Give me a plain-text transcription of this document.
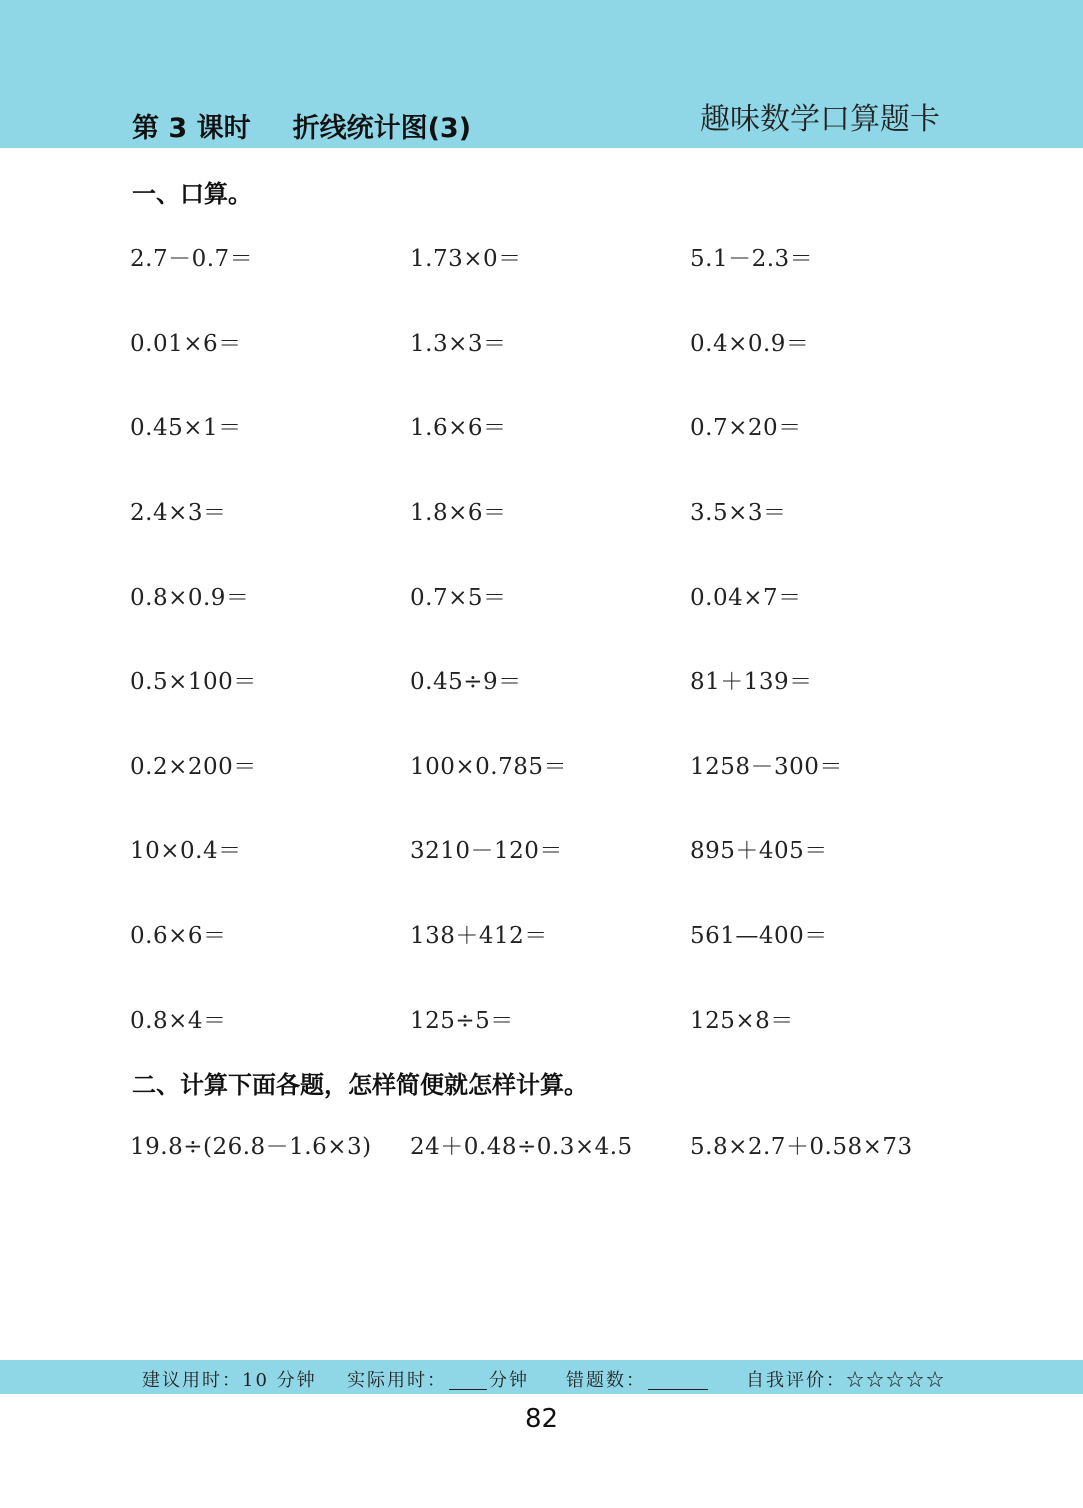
第 3 课时 折线统计图(3)	趣味数学口算题卡
一、口算。
2.7－0.7＝	1.73×0＝	5.1－2.3＝
0.01×6＝	1.3×3＝	0.4×0.9＝
0.45×1＝	1.6×6＝	0.7×20＝
2.4×3＝	1.8×6＝	3.5×3＝
0.8×0.9＝	0.7×5＝	0.04×7＝
0.5×100＝	0.45÷9＝	81＋139＝
0.2×200＝	100×0.785＝	1258－300＝
10×0.4＝	3210－120＝	895＋405＝
0.6×6＝	138＋412＝	561—400＝
0.8×4＝	125÷5＝	125×8＝
二、计算下面各题，怎样简便就怎样计算。
19.8÷(26.8－1.6×3) 24＋0.48÷0.3×4.5 5.8×2.7＋0.58×73
建议用时：10 分钟 实际用时： 分钟 错题数：	自我评价：☆☆☆☆☆
82
